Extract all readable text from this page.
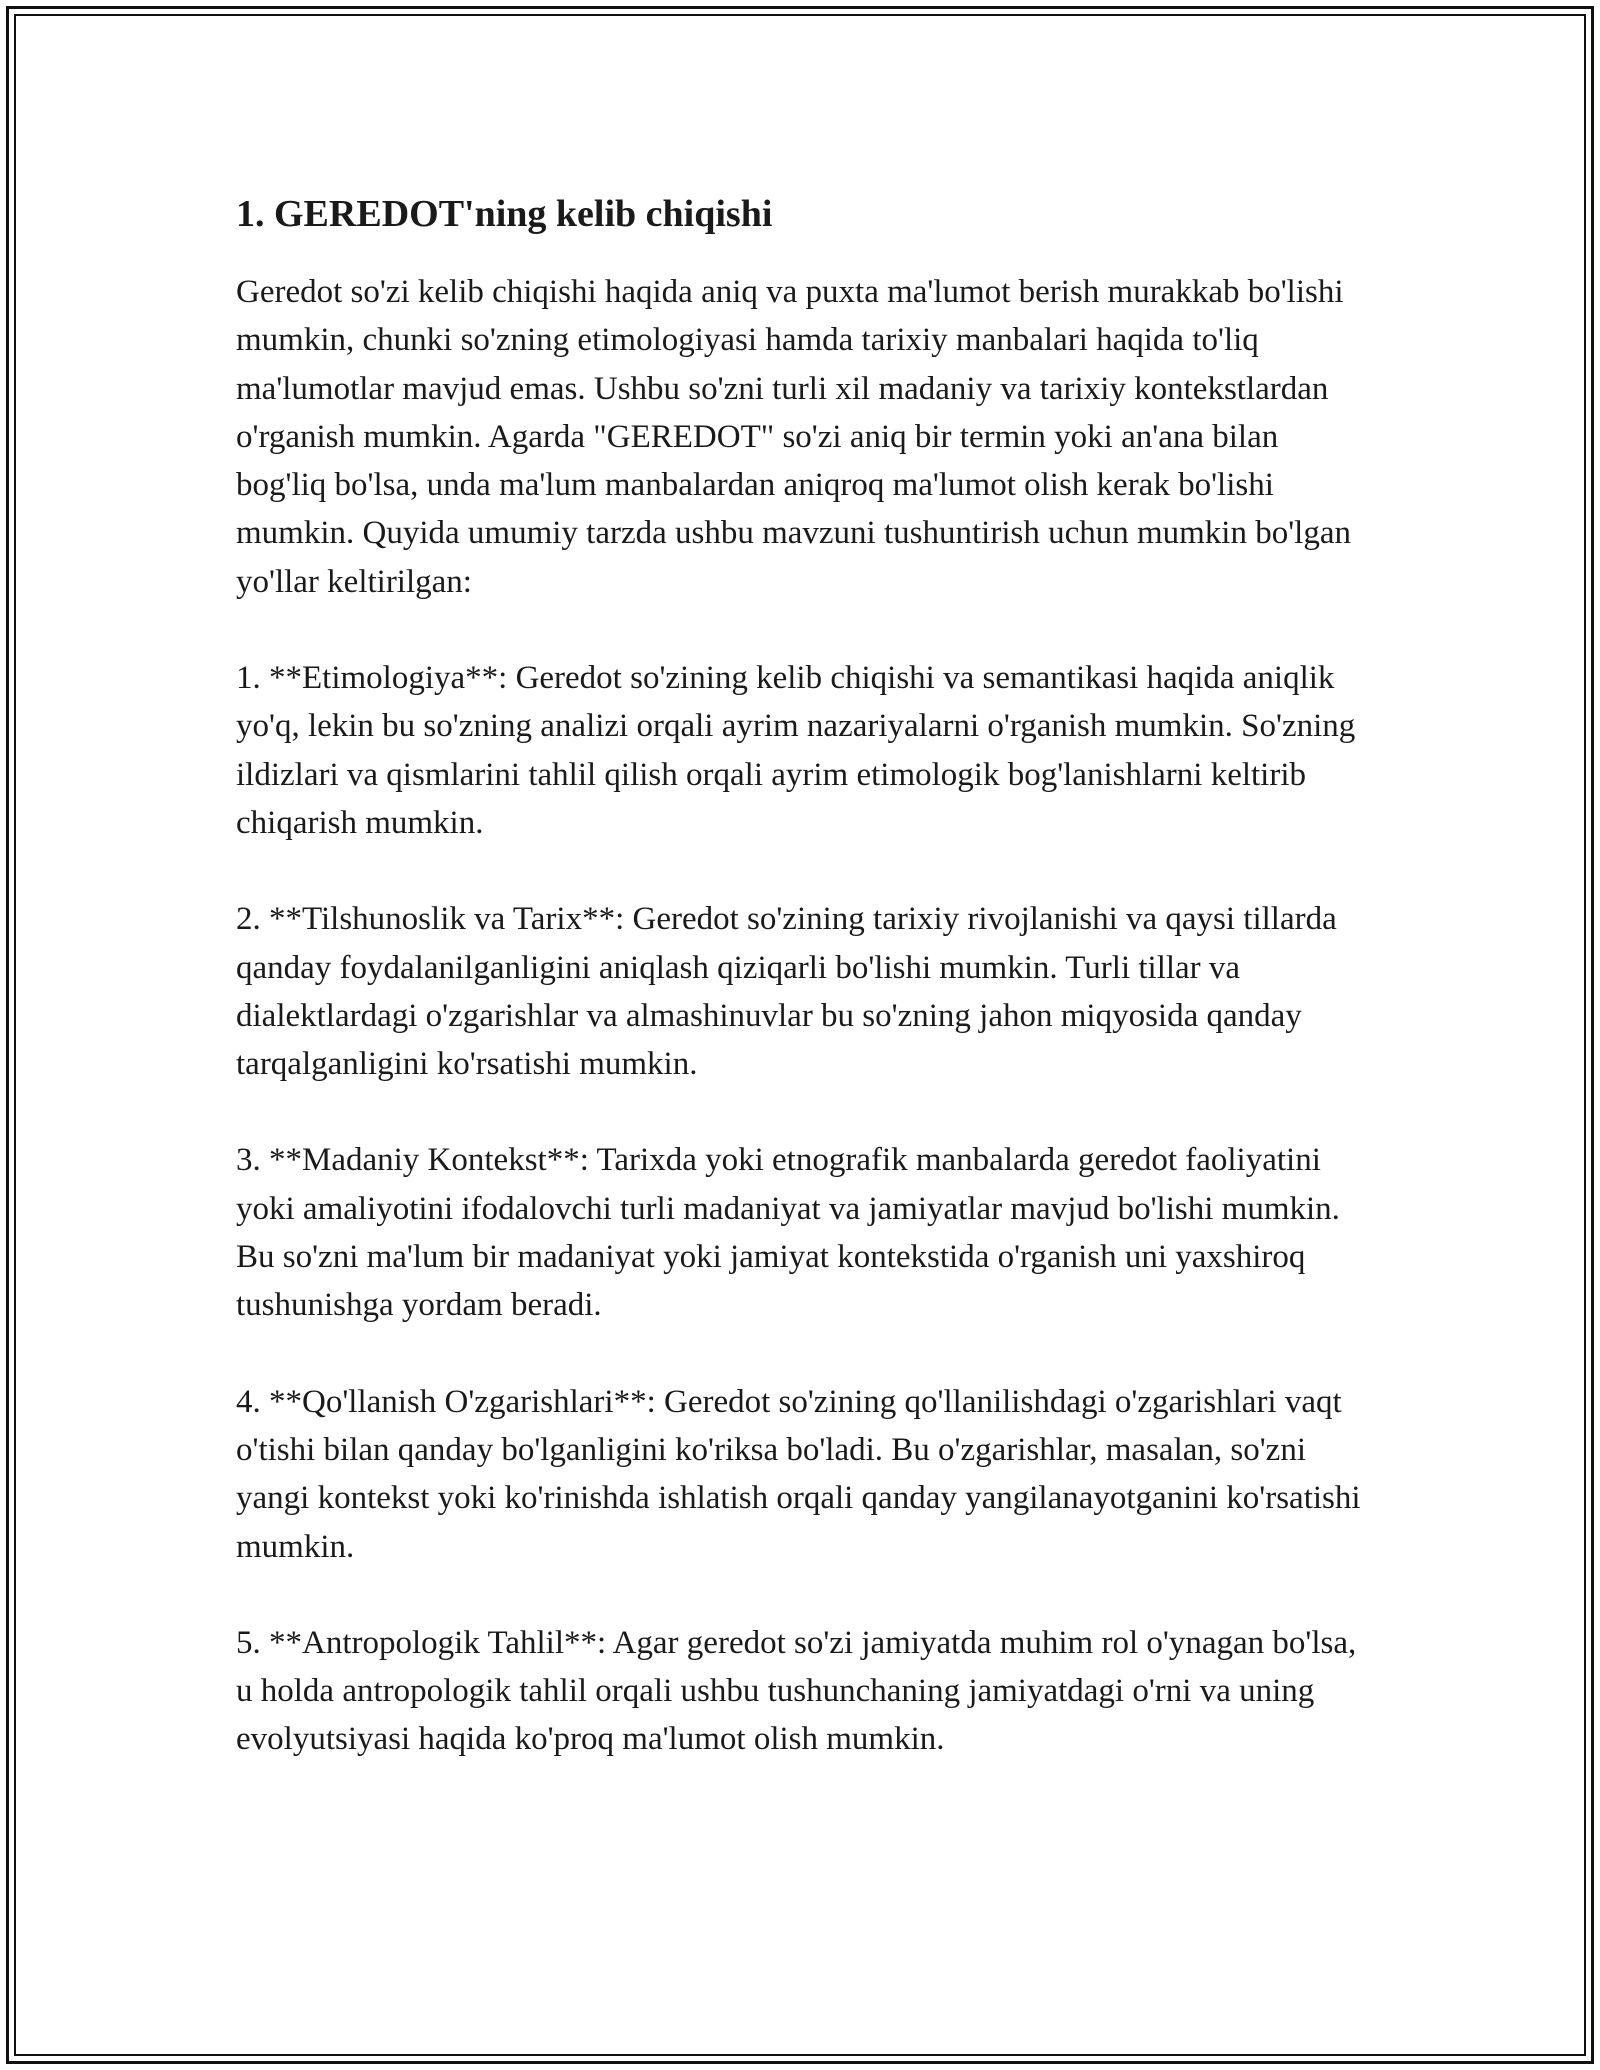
1. GEREDOT'ning kelib chiqishi

Geredot so'zi kelib chiqishi haqida aniq va puxta ma'lumot berish murakkab bo'lishi mumkin, chunki so'zning etimologiyasi hamda tarixiy manbalari haqida to'liq ma'lumotlar mavjud emas. Ushbu so'zni turli xil madaniy va tarixiy kontekstlardan o'rganish mumkin. Agarda "GEREDOT" so'zi aniq bir termin yoki an'ana bilan bog'liq bo'lsa, unda ma'lum manbalardan aniqroq ma'lumot olish kerak bo'lishi mumkin. Quyida umumiy tarzda ushbu mavzuni tushuntirish uchun mumkin bo'lgan yo'llar keltirilgan:

1. **Etimologiya**: Geredot so'zining kelib chiqishi va semantikasi haqida aniqlik yo'q, lekin bu so'zning analizi orqali ayrim nazariyalarni o'rganish mumkin. So'zning ildizlari va qismlarini tahlil qilish orqali ayrim etimologik bog'lanishlarni keltirib chiqarish mumkin.

2. **Tilshunoslik va Tarix**: Geredot so'zining tarixiy rivojlanishi va qaysi tillarda qanday foydalanilganligini aniqlash qiziqarli bo'lishi mumkin. Turli tillar va dialektlardagi o'zgarishlar va almashinuvlar bu so'zning jahon miqyosida qanday tarqalganligini ko'rsatishi mumkin.

3. **Madaniy Kontekst**: Tarixda yoki etnografik manbalarda geredot faoliyatini yoki amaliyotini ifodalovchi turli madaniyat va jamiyatlar mavjud bo'lishi mumkin. Bu so'zni ma'lum bir madaniyat yoki jamiyat kontekstida o'rganish uni yaxshiroq tushunishga yordam beradi.

4. **Qo'llanish O'zgarishlari**: Geredot so'zining qo'llanilishdagi o'zgarishlari vaqt o'tishi bilan qanday bo'lganligini ko'riksa bo'ladi. Bu o'zgarishlar, masalan, so'zni yangi kontekst yoki ko'rinishda ishlatish orqali qanday yangilanayotganini ko'rsatishi mumkin.

5. **Antropologik Tahlil**: Agar geredot so'zi jamiyatda muhim rol o'ynagan bo'lsa, u holda antropologik tahlil orqali ushbu tushunchaning jamiyatdagi o'rni va uning evolyutsiyasi haqida ko'proq ma'lumot olish mumkin.
